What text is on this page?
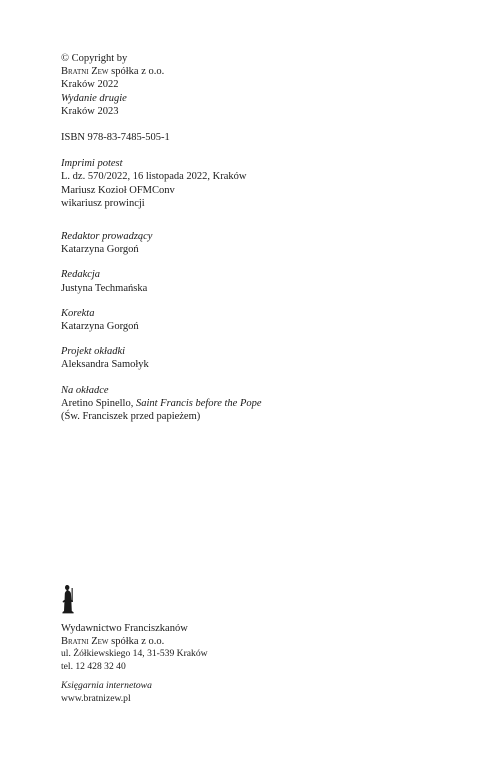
© Copyright by
Bratni Zew spółka z o.o.
Kraków 2022
Wydanie drugie
Kraków 2023
ISBN 978-83-7485-505-1
Imprimi potest
L. dz. 570/2022, 16 listopada 2022, Kraków
Mariusz Kozioł OFMConv
wikariusz prowincji
Redaktor prowadzący
Katarzyna Gorgoń
Redakcja
Justyna Techmańska
Korekta
Katarzyna Gorgoń
Projekt okładki
Aleksandra Samołyk
Na okładce
Aretino Spinello, Saint Francis before the Pope
(Św. Franciszek przed papieżem)
Wydawnictwo Franciszkanów
Bratni Zew spółka z o.o.
ul. Żółkiewskiego 14, 31-539 Kraków
tel. 12 428 32 40
Księgarnia internetowa
www.bratnizew.pl
